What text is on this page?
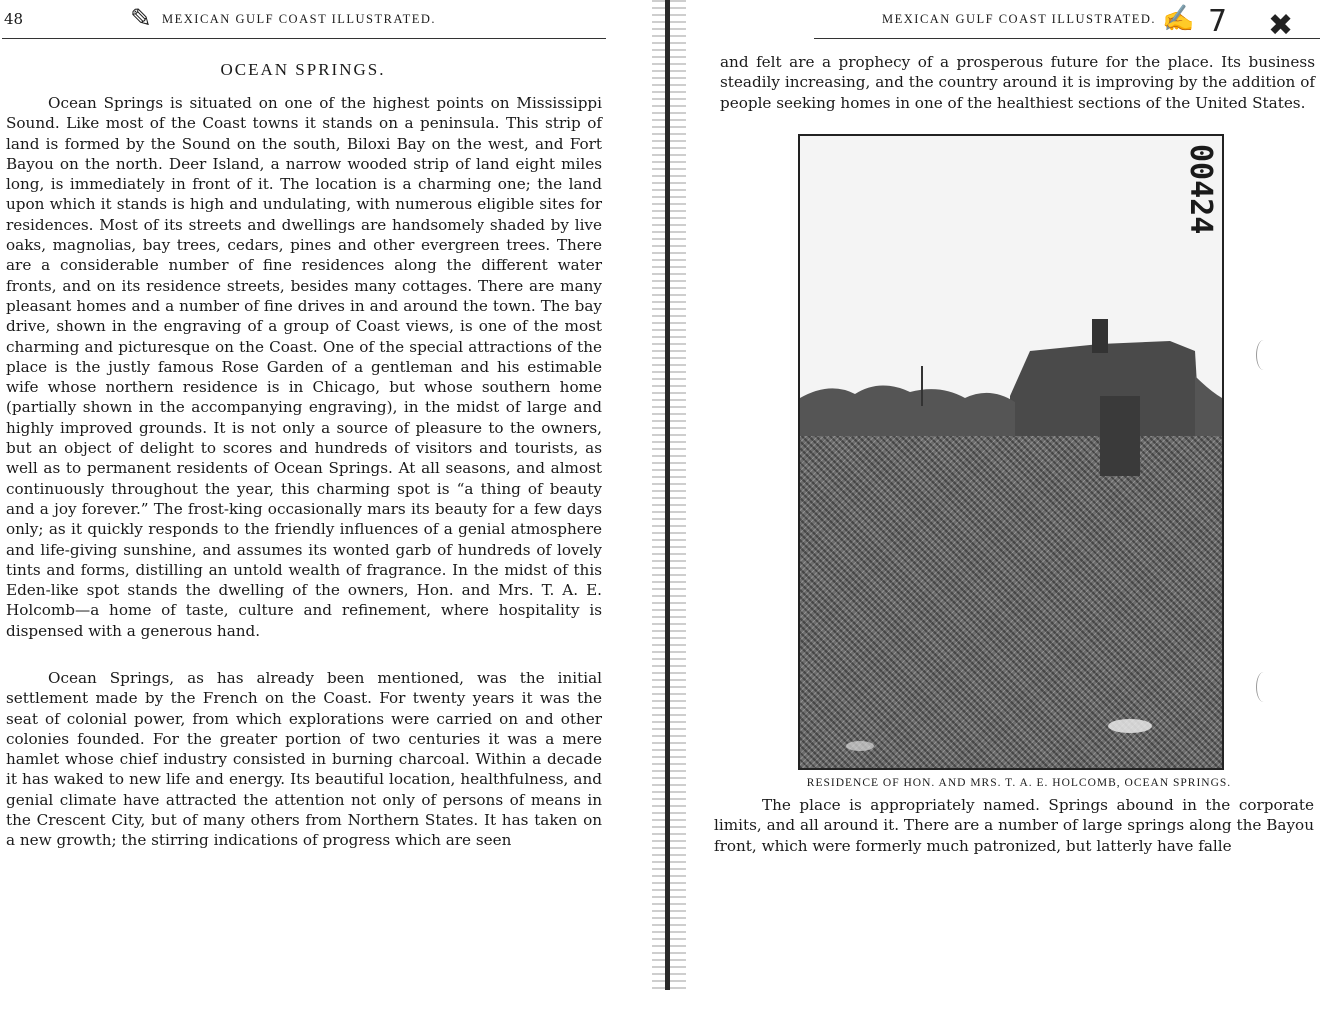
48	✎ MEXICAN GULF COAST ILLUSTRATED.
OCEAN SPRINGS.

Ocean Springs is situated on one of the highest points on Mississippi Sound. Like most of the Coast towns it stands on a peninsula. This strip of land is formed by the Sound on the south, Biloxi Bay on the west, and Fort Bayou on the north. Deer Island, a narrow wooded strip of land eight miles long, is immediately in front of it. The location is a charming one; the land upon which it stands is high and undulating, with numerous eligible sites for residences. Most of its streets and dwellings are handsomely shaded by live oaks, magnolias, bay trees, cedars, pines and other evergreen trees. There are a considerable number of fine residences along the different water fronts, and on its residence streets, besides many cottages. There are many pleasant homes and a number of fine drives in and around the town. The bay drive, shown in the engraving of a group of Coast views, is one of the most charming and picturesque on the Coast. One of the special attractions of the place is the justly famous Rose Garden of a gentleman and his estimable wife whose northern residence is in Chicago, but whose southern home (partially shown in the accompanying engraving), in the midst of large and highly improved grounds. It is not only a source of pleasure to the owners, but an object of delight to scores and hundreds of visitors and tourists, as well as to permanent residents of Ocean Springs. At all seasons, and almost continuously throughout the year, this charming spot is “a thing of beauty and a joy forever.” The frost-king occasionally mars its beauty for a few days only; as it quickly responds to the friendly influences of a genial atmosphere and life-giving sunshine, and assumes its wonted garb of hundreds of lovely tints and forms, distilling an untold wealth of fragrance. In the midst of this Eden-like spot stands the dwelling of the owners, Hon. and Mrs. T. A. E. Holcomb—a home of taste, culture and refinement, where hospitality is dispensed with a generous hand.

Ocean Springs, as has already been mentioned, was the initial settlement made by the French on the Coast. For twenty years it was the seat of colonial power, from which explorations were carried on and other colonies founded. For the greater portion of two centuries it was a mere hamlet whose chief industry consisted in burning charcoal. Within a decade it has waked to new life and energy. Its beautiful location, healthfulness, and genial climate have attracted the attention not only of persons of means in the Crescent City, but of many others from Northern States. It has taken on a new growth; the stirring indications of progress which are seen

MEXICAN GULF COAST ILLUSTRATED. ✍ 7 ✖

and felt are a prophecy of a prosperous future for the place. Its business steadily increasing, and the country around it is improving by the addition of people seeking homes in one of the healthiest sections of the United States.

00424
RESIDENCE OF HON. AND MRS. T. A. E. HOLCOMB, OCEAN SPRINGS.

The place is appropriately named. Springs abound in the corporate limits, and all around it. There are a number of large springs along the Bayou front, which were formerly much patronized, but latterly have falle
